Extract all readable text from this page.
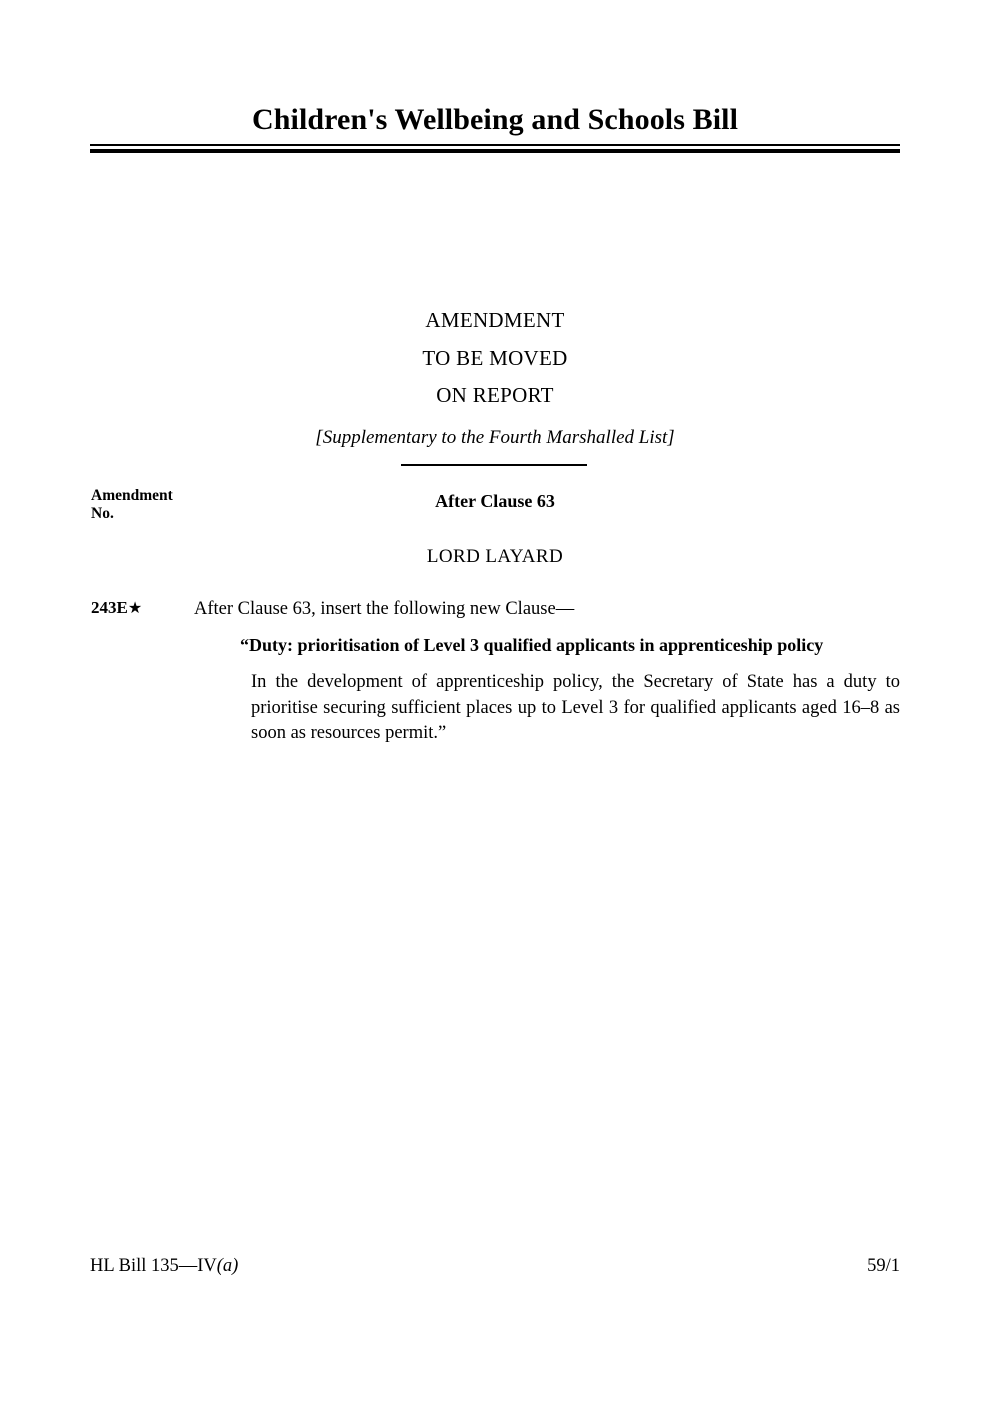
Children's Wellbeing and Schools Bill
AMENDMENT
TO BE MOVED
ON REPORT
[Supplementary to the Fourth Marshalled List]
Amendment
No.
After Clause 63
LORD LAYARD
243E★	After Clause 63, insert the following new Clause—
“Duty: prioritisation of Level 3 qualified applicants in apprenticeship policy
In the development of apprenticeship policy, the Secretary of State has a duty to prioritise securing sufficient places up to Level 3 for qualified applicants aged 16–8 as soon as resources permit.”
HL Bill 135—IV(a)	59/1
